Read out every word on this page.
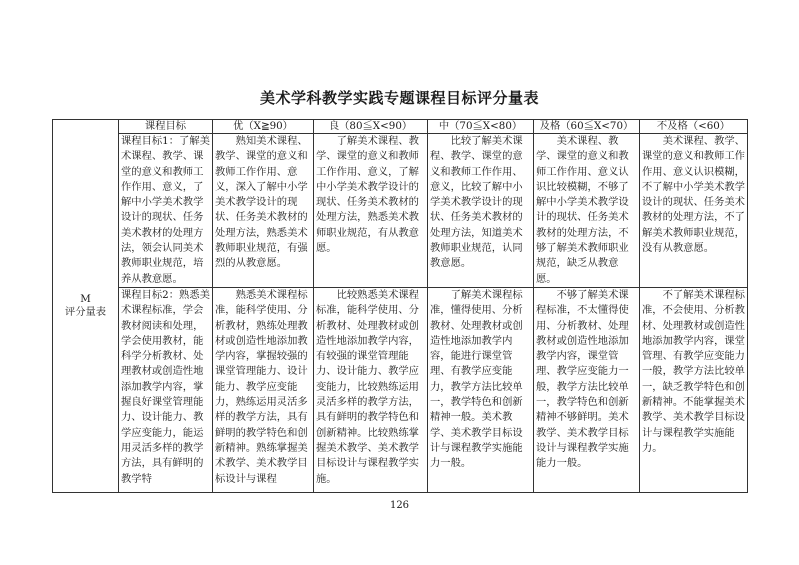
美术学科教学实践专题课程目标评分量表
M
评分量表	课程目标	优（X≧90）	良（80≦X<90）	中（70≦X<80）	及格（60≦X<70）	不及格（<60）
	课程目标1：了解美术课程、教学、课堂的意义和教师工作作用、意义，了解中小学美术教学设计的现状、任务美术教材的处理方法，领会认同美术教师职业规范，培养从教意愿。	熟知美术课程、教学、课堂的意义和教师工作作用、意义，深入了解中小学美术教学设计的现状、任务美术教材的处理方法，熟悉美术教师职业规范，有强烈的从教意愿。	了解美术课程、教学、课堂的意义和教师工作作用、意义，了解中小学美术教学设计的现状、任务美术教材的处理方法，熟悉美术教师职业规范，有从教意愿。	比较了解美术课程、教学、课堂的意义和教师工作作用、意义，比较了解中小学美术教学设计的现状、任务美术教材的处理方法，知道美术教师职业规范，认同教意愿。	美术课程、教学、课堂的意义和教师工作作用、意义认识比较模糊，不够了解中小学美术教学设计的现状、任务美术教材的处理方法，不够了解美术教师职业规范，缺乏从教意愿。	美术课程、教学、课堂的意义和教师工作作用、意义认识模糊，不了解中小学美术教学设计的现状、任务美术教材的处理方法，不了解美术教师职业规范，没有从教意愿。
	课程目标2：熟悉美术课程标准，学会教材阅读和处理，学会使用教材，能科学分析教材、处理教材或创造性地添加教学内容，掌握良好课堂管理能力、设计能力、教学应变能力，能运用灵活多样的教学方法，具有鲜明的教学特	熟悉美术课程标准，能科学使用、分析教材，熟练处理教材或创造性地添加教学内容，掌握较强的课堂管理能力、设计能力、教学应变能力，熟练运用灵活多样的教学方法，具有鲜明的教学特色和创新精神。熟练掌握美术教学、美术教学目标设计与课程	比较熟悉美术课程标准，能科学使用、分析教材、处理教材或创造性地添加教学内容，有较强的课堂管理能力、设计能力、教学应变能力，比较熟练运用灵活多样的教学方法，具有鲜明的教学特色和创新精神。比较熟练掌握美术教学、美术教学目标设计与课程教学实施。	了解美术课程标准，懂得使用、分析教材、处理教材或创造性地添加教学内容，能进行课堂管理、有教学应变能力，教学方法比较单一，教学特色和创新精神一般。美术教学、美术教学目标设计与课程教学实施能力一般。	不够了解美术课程标准，不太懂得使用、分析教材、处理教材或创造性地添加教学内容，课堂管理、教学应变能力一般，教学方法比较单一，教学特色和创新精神不够鲜明。美术教学、美术教学目标设计与课程教学实施能力一般。	不了解美术课程标准，不会使用、分析教材、处理教材或创造性地添加教学内容，课堂管理、有教学应变能力一般，教学方法比较单一，缺乏教学特色和创新精神。不能掌握美术教学、美术教学目标设计与课程教学实施能力。
126
